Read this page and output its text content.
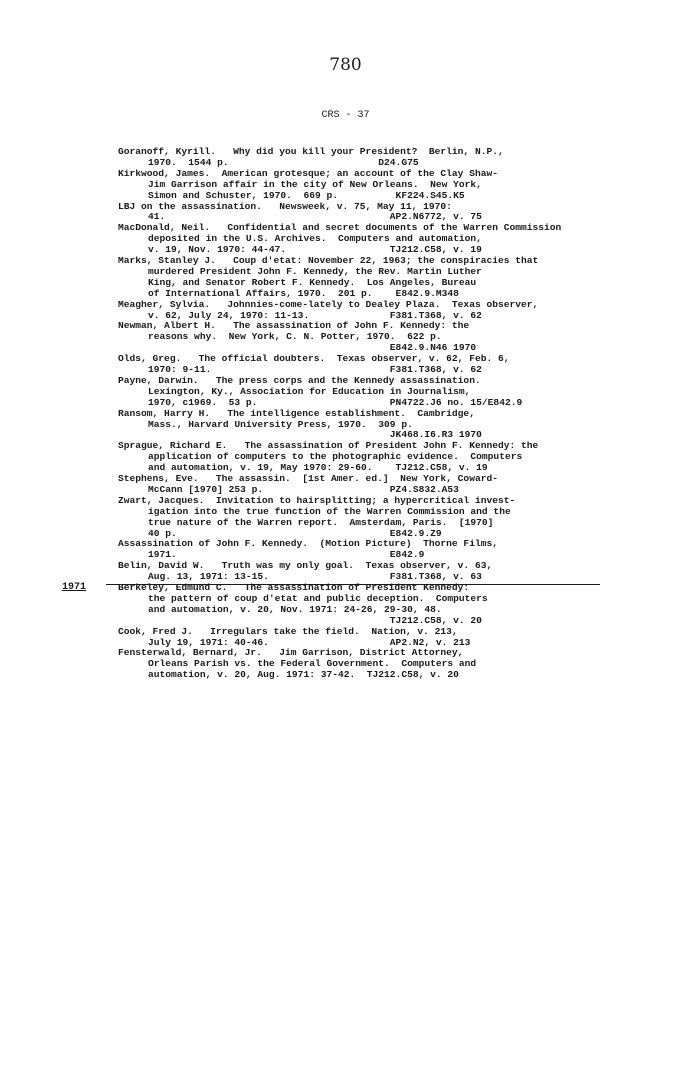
780
CRS - 37
1971
Goranoff, Kyrill.   Why did you kill your President?  Berlin, N.P.,
1970.  1544 p.                          D24.G75
Kirkwood, James.  American grotesque; an account of the Clay Shaw-
Jim Garrison affair in the city of New Orleans.  New York,
Simon and Schuster, 1970.  669 p.          KF224.S45.K5
LBJ on the assassination.   Newsweek, v. 75, May 11, 1970:
41.                                       AP2.N6772, v. 75
MacDonald, Neil.   Confidential and secret documents of the Warren Commission
deposited in the U.S. Archives.  Computers and automation,
v. 19, Nov. 1970: 44-47.                  TJ212.C58, v. 19
Marks, Stanley J.   Coup d'etat: November 22, 1963; the conspiracies that
murdered President John F. Kennedy, the Rev. Martin Luther
King, and Senator Robert F. Kennedy.  Los Angeles, Bureau
of International Affairs, 1970.  201 p.    E842.9.M348
Meagher, Sylvia.   Johnnies-come-lately to Dealey Plaza.  Texas observer,
v. 62, July 24, 1970: 11-13.              F381.T368, v. 62
Newman, Albert H.   The assassination of John F. Kennedy: the
reasons why.  New York, C. N. Potter, 1970.  622 p.
E842.9.N46 1970
Olds, Greg.   The official doubters.  Texas observer, v. 62, Feb. 6,
1970: 9-11.                               F381.T368, v. 62
Payne, Darwin.   The press corps and the Kennedy assassination.
Lexington, Ky., Association for Education in Journalism,
1970, c1969.  53 p.                       PN4722.J6 no. 15/E842.9
Ransom, Harry H.   The intelligence establishment.  Cambridge,
Mass., Harvard University Press, 1970.  309 p.
JK468.I6.R3 1970
Sprague, Richard E.   The assassination of President John F. Kennedy: the
application of computers to the photographic evidence.  Computers
and automation, v. 19, May 1970: 29-60.    TJ212.C58, v. 19
Stephens, Eve.   The assassin.  [1st Amer. ed.]  New York, Coward-
McCann [1970] 253 p.                      PZ4.S832.A53
Zwart, Jacques.  Invitation to hairsplitting; a hypercritical invest-
igation into the true function of the Warren Commission and the
true nature of the Warren report.  Amsterdam, Paris.  [1970]
40 p.                                     E842.9.Z9
Assassination of John F. Kennedy.  (Motion Picture)  Thorne Films,
1971.                                     E842.9
Belin, David W.   Truth was my only goal.  Texas observer, v. 63,
Aug. 13, 1971: 13-15.                     F381.T368, v. 63
Berkeley, Edmund C.   The assassination of President Kennedy:
the pattern of coup d'etat and public deception.  Computers
and automation, v. 20, Nov. 1971: 24-26, 29-30, 48.
TJ212.C58, v. 20
Cook, Fred J.   Irregulars take the field.  Nation, v. 213,
July 19, 1971: 40-46.                     AP2.N2, v. 213
Fensterwald, Bernard, Jr.   Jim Garrison, District Attorney,
Orleans Parish vs. the Federal Government.  Computers and
automation, v. 20, Aug. 1971: 37-42.  TJ212.C58, v. 20
